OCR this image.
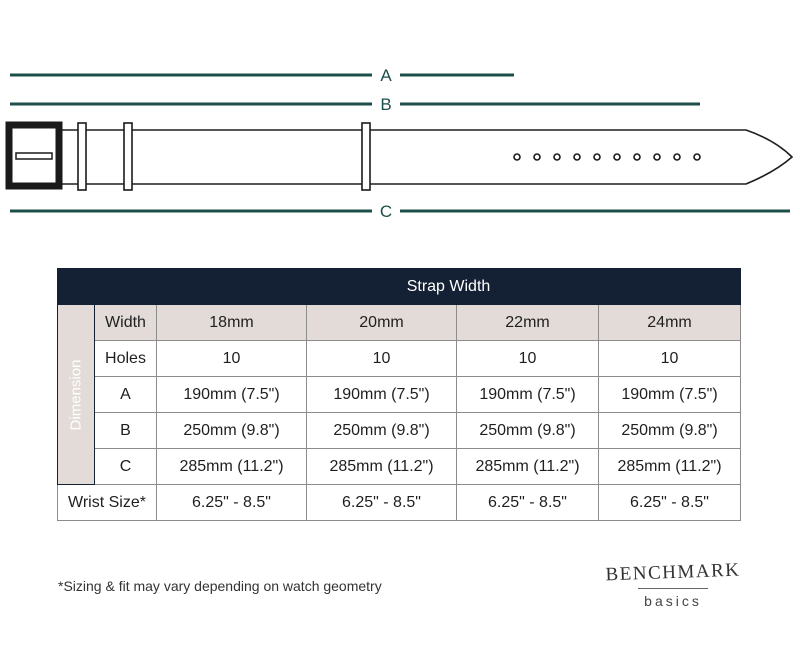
A
B
C
		Strap Width			

Dimension	Width	18mm	20mm	22mm	24mm
	Holes	10	10	10	10
	A	190mm (7.5")	190mm (7.5")	190mm (7.5")	190mm (7.5")
	B	250mm (9.8")	250mm (9.8")	250mm (9.8")	250mm (9.8")
	C	285mm (11.2")	285mm (11.2")	285mm (11.2")	285mm (11.2")
Wrist Size*		6.25" - 8.5"	6.25" - 8.5"	6.25" - 8.5"	6.25" - 8.5"
*Sizing & fit may vary depending on watch geometry
BENCHMARK
basics
